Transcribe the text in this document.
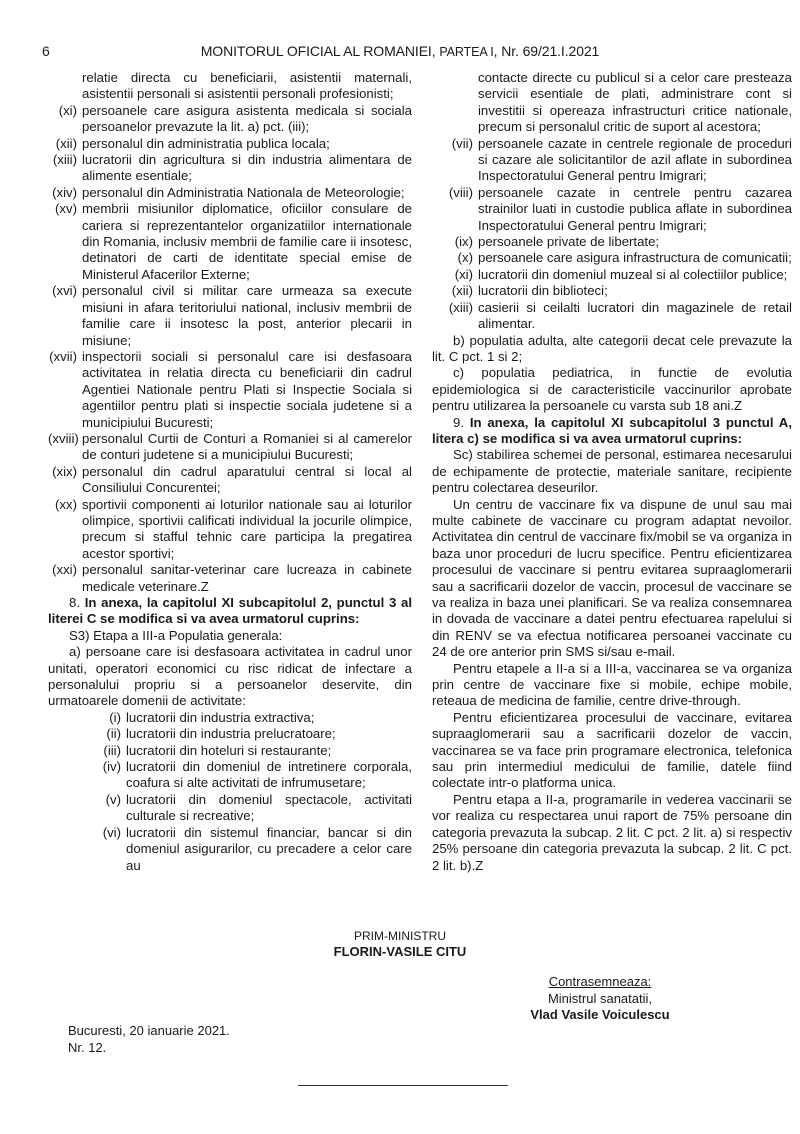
6	MONITORUL OFICIAL AL ROMANIEI, PARTEA I, Nr. 69/21.I.2021
relatie directa cu beneficiarii, asistentii maternali, asistentii personali si asistentii personali profesionisti;
(xi) persoanele care asigura asistenta medicala si sociala persoanelor prevazute la lit. a) pct. (iii);
(xii) personalul din administratia publica locala;
(xiii) lucratorii din agricultura si din industria alimentara de alimente esentiale;
(xiv) personalul din Administratia Nationala de Meteorologie;
(xv) membrii misiunilor diplomatice, oficiilor consulare de cariera si reprezentantelor organizatiilor internationale din Romania, inclusiv membrii de familie care ii insotesc, detinatori de carti de identitate special emise de Ministerul Afacerilor Externe;
(xvi) personalul civil si militar care urmeaza sa execute misiuni in afara teritoriului national, inclusiv membrii de familie care ii insotesc la post, anterior plecarii in misiune;
(xvii) inspectorii sociali si personalul care isi desfasoara activitatea in relatia directa cu beneficiarii din cadrul Agentiei Nationale pentru Plati si Inspectie Sociala si agentiilor pentru plati si inspectie sociala judetene si a municipiului Bucuresti;
(xviii) personalul Curtii de Conturi a Romaniei si al camerelor de conturi judetene si a municipiului Bucuresti;
(xix) personalul din cadrul aparatului central si local al Consiliului Concurentei;
(xx) sportivii componenti ai loturilor nationale sau ai loturilor olimpice, sportivii calificati individual la jocurile olimpice, precum si stafful tehnic care participa la pregatirea acestor sportivi;
(xxi) personalul sanitar-veterinar care lucreaza in cabinete medicale veterinare.Z
8. In anexa, la capitolul XI subcapitolul 2, punctul 3 al literei C se modifica si va avea urmatorul cuprins:
S3) Etapa a III-a Populatia generala:
a) persoane care isi desfasoara activitatea in cadrul unor unitati, operatori economici cu risc ridicat de infectare a personalului propriu si a persoanelor deservite, din urmatoarele domenii de activitate:
(i) lucratorii din industria extractiva;
(ii) lucratorii din industria prelucratoare;
(iii) lucratorii din hoteluri si restaurante;
(iv) lucratorii din domeniul de intretinere corporala, coafura si alte activitati de infrumusetare;
(v) lucratorii din domeniul spectacole, activitati culturale si recreative;
(vi) lucratorii din sistemul financiar, bancar si din domeniul asigurarilor, cu precadere a celor care au
contacte directe cu publicul si a celor care presteaza servicii esentiale de plati, administrare cont si investitii si opereaza infrastructuri critice nationale, precum si personalul critic de suport al acestora;
(vii) persoanele cazate in centrele regionale de proceduri si cazare ale solicitantilor de azil aflate in subordinea Inspectoratului General pentru Imigrari;
(viii) persoanele cazate in centrele pentru cazarea strainilor luati in custodie publica aflate in subordinea Inspectoratului General pentru Imigrari;
(ix) persoanele private de libertate;
(x) persoanele care asigura infrastructura de comunicatii;
(xi) lucratorii din domeniul muzeal si al colectiilor publice;
(xii) lucratorii din biblioteci;
(xiii) casierii si ceilalti lucratori din magazinele de retail alimentar.
b) populatia adulta, alte categorii decat cele prevazute la lit. C pct. 1 si 2;
c) populatia pediatrica, in functie de evolutia epidemiologica si de caracteristicile vaccinurilor aprobate pentru utilizarea la persoanele cu varsta sub 18 ani.Z
9. In anexa, la capitolul XI subcapitolul 3 punctul A, litera c) se modifica si va avea urmatorul cuprins:
Sc) stabilirea schemei de personal, estimarea necesarului de echipamente de protectie, materiale sanitare, recipiente pentru colectarea deseurilor.
Un centru de vaccinare fix va dispune de unul sau mai multe cabinete de vaccinare cu program adaptat nevoilor. Activitatea din centrul de vaccinare fix/mobil se va organiza in baza unor proceduri de lucru specifice. Pentru eficientizarea procesului de vaccinare si pentru evitarea supraaglomerarii sau a sacrificarii dozelor de vaccin, procesul de vaccinare se va realiza in baza unei planificari. Se va realiza consemnarea in dovada de vaccinare a datei pentru efectuarea rapelului si din RENV se va efectua notificarea persoanei vaccinate cu 24 de ore anterior prin SMS si/sau e-mail.
Pentru etapele a II-a si a III-a, vaccinarea se va organiza prin centre de vaccinare fixe si mobile, echipe mobile, reteaua de medicina de familie, centre drive-through.
Pentru eficientizarea procesului de vaccinare, evitarea supraaglomerarii sau a sacrificarii dozelor de vaccin, vaccinarea se va face prin programare electronica, telefonica sau prin intermediul medicului de familie, datele fiind colectate intr-o platforma unica.
Pentru etapa a II-a, programarile in vederea vaccinarii se vor realiza cu respectarea unui raport de 75% persoane din categoria prevazuta la subcap. 2 lit. C pct. 2 lit. a) si respectiv 25% persoane din categoria prevazuta la subcap. 2 lit. C pct. 2 lit. b).Z
PRIM-MINISTRU
FLORIN-VASILE CITU
Contrasemneaza:
Ministrul sanatatii,
Vlad Vasile Voiculescu
Bucuresti, 20 ianuarie 2021.
Nr. 12.
